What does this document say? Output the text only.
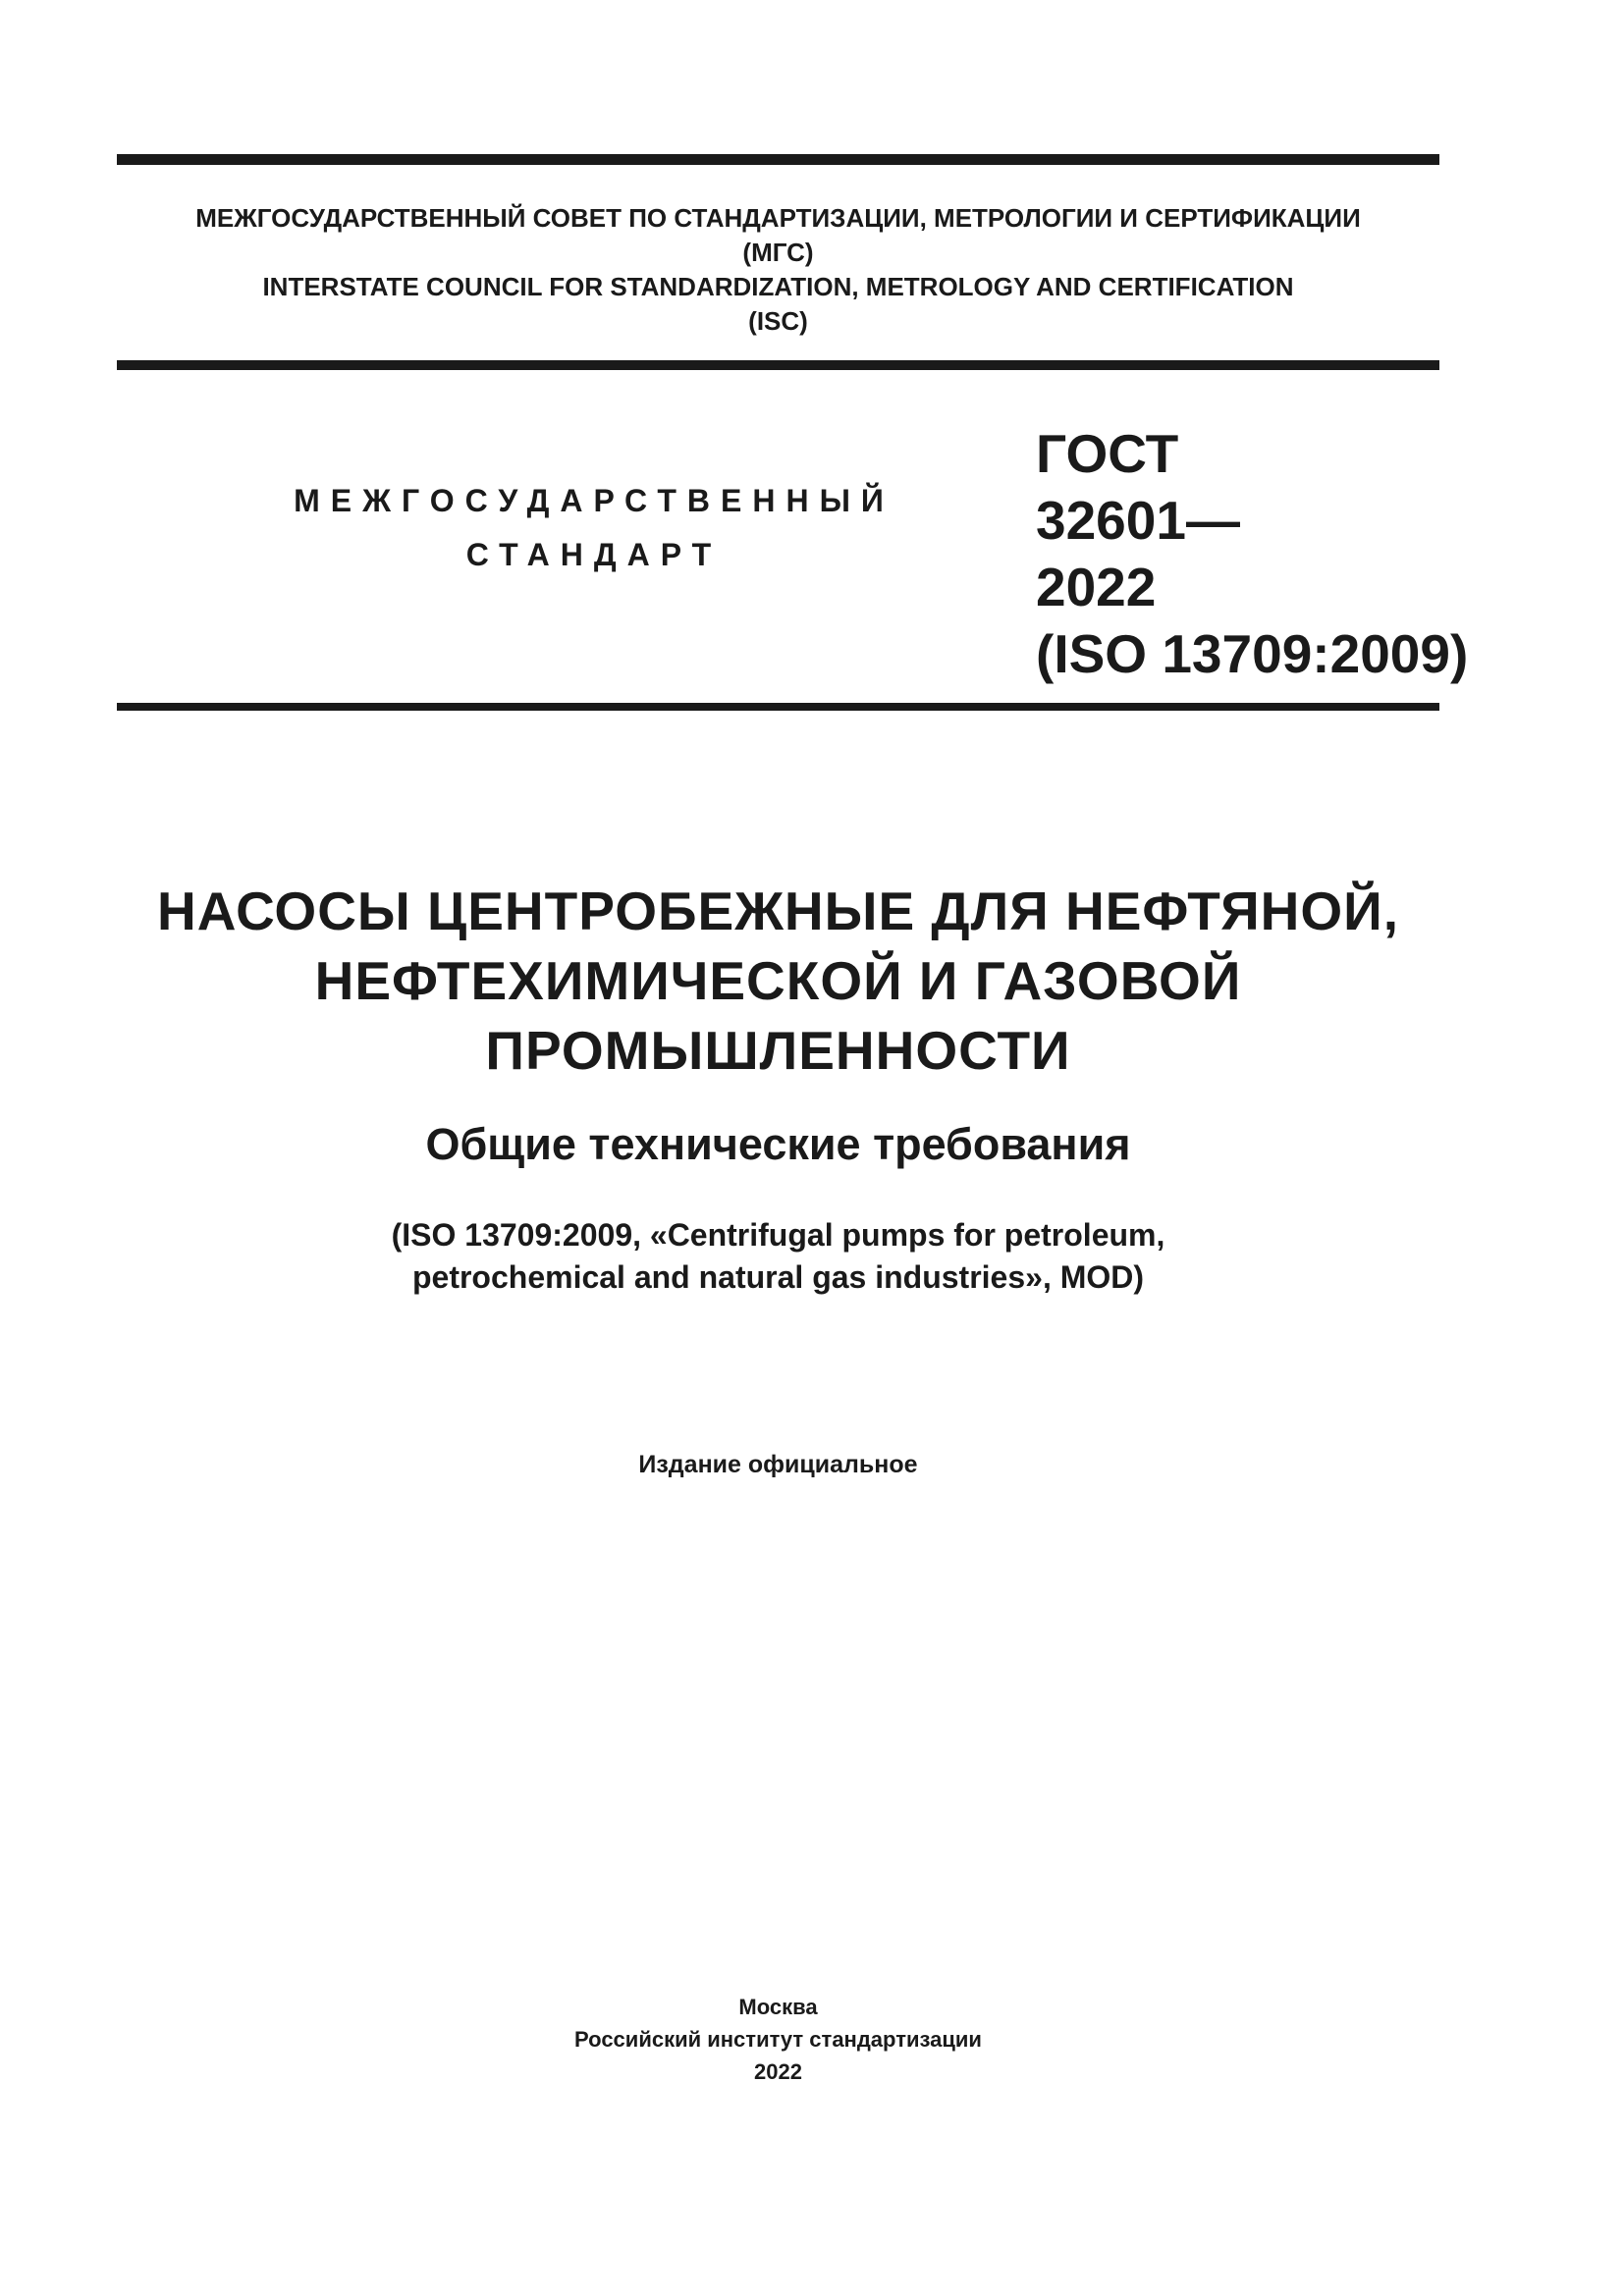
МЕЖГОСУДАРСТВЕННЫЙ СОВЕТ ПО СТАНДАРТИЗАЦИИ, МЕТРОЛОГИИ И СЕРТИФИКАЦИИ
(МГС)
INTERSTATE COUNCIL FOR STANDARDIZATION, METROLOGY AND CERTIFICATION
(ISC)
МЕЖГОСУДАРСТВЕННЫЙ
СТАНДАРТ
ГОСТ
32601—
2022
(ISO 13709:2009)
НАСОСЫ ЦЕНТРОБЕЖНЫЕ ДЛЯ НЕФТЯНОЙ,
НЕФТЕХИМИЧЕСКОЙ И ГАЗОВОЙ
ПРОМЫШЛЕННОСТИ
Общие технические требования
(ISO 13709:2009, «Centrifugal pumps for petroleum,
petrochemical and natural gas industries», MOD)
Издание официальное
Москва
Российский институт стандартизации
2022
